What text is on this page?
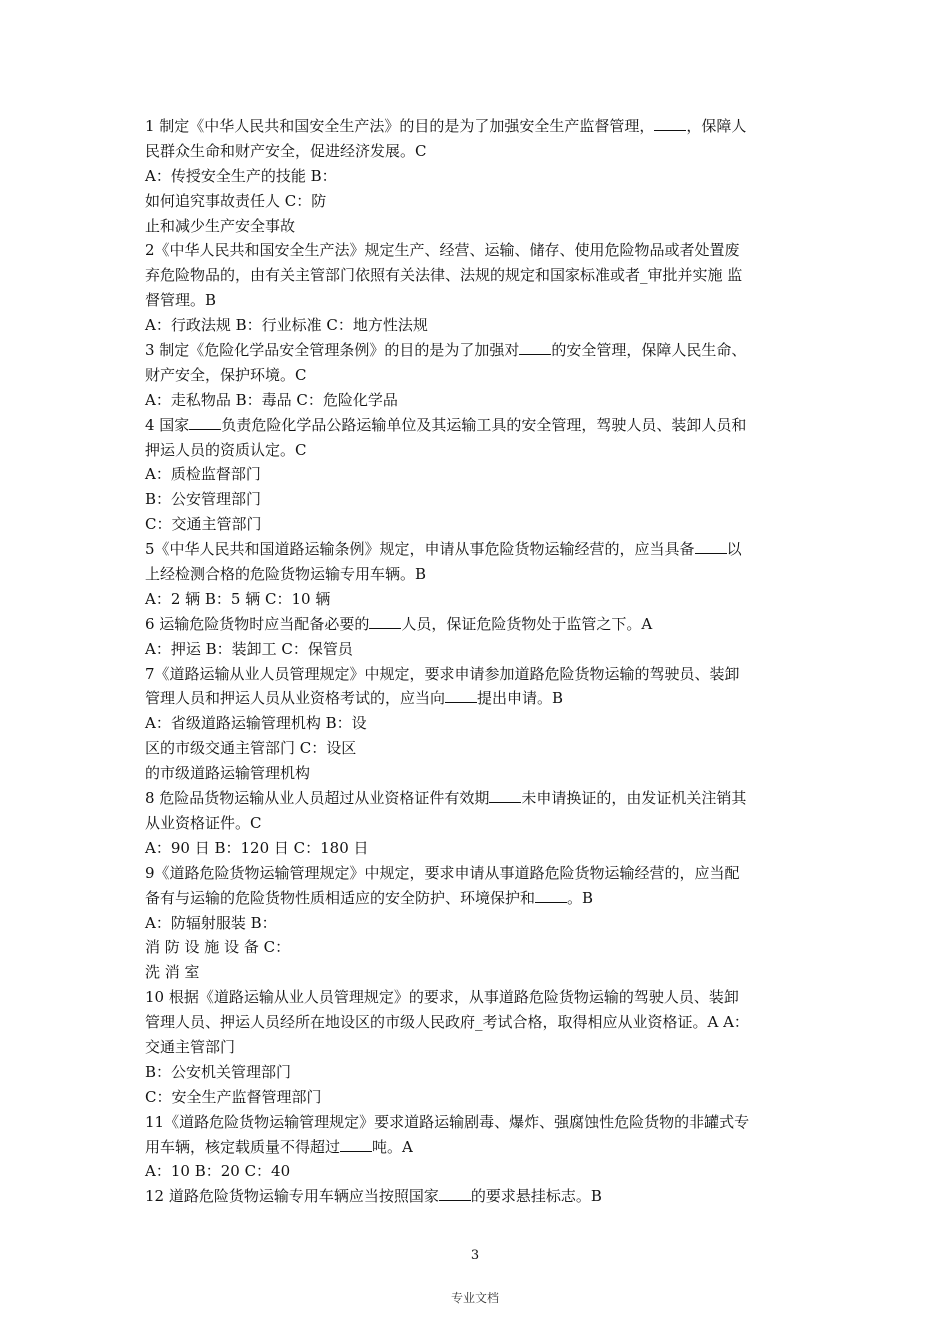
1 制定《中华人民共和国安全生产法》的目的是为了加强安全生产监督管理， ，保障人

民群众生命和财产安全，促进经济发展。C

A：传授安全生产的技能 B：

如何追究事故责任人 C：防

止和减少生产安全事故

2《中华人民共和国安全生产法》规定生产、经营、运输、储存、使用危险物品或者处置废

弃危险物品的，由有关主管部门依照有关法律、法规的规定和国家标准或者_审批并实施 监

督管理。B

A：行政法规 B：行业标准 C：地方性法规

3 制定《危险化学品安全管理条例》的目的是为了加强对 的安全管理，保障人民生命、

财产安全，保护环境。C

A：走私物品 B：毒品 C：危险化学品

4 国家 负责危险化学品公路运输单位及其运输工具的安全管理，驾驶人员、装卸人员和

押运人员的资质认定。C

A：质检监督部门

B：公安管理部门

C：交通主管部门

5《中华人民共和国道路运输条例》规定，申请从事危险货物运输经营的，应当具备 以

上经检测合格的危险货物运输专用车辆。B

A：2 辆 B：5 辆 C：10 辆

6 运输危险货物时应当配备必要的 人员，保证危险货物处于监管之下。A

A：押运 B：装卸工 C：保管员

7《道路运输从业人员管理规定》中规定，要求申请参加道路危险货物运输的驾驶员、装卸

管理人员和押运人员从业资格考试的，应当向 提出申请。B

A：省级道路运输管理机构 B：设

区的市级交通主管部门 C：设区

的市级道路运输管理机构

8 危险品货物运输从业人员超过从业资格证件有效期 未申请换证的，由发证机关注销其

从业资格证件。C

A：90 日 B：120 日 C：180 日

9《道路危险货物运输管理规定》中规定，要求申请从事道路危险货物运输经营的，应当配

备有与运输的危险货物性质相适应的安全防护、环境保护和 。B

A：防辐射服装 B：

消 防 设 施 设 备 C：

洗 消 室

10 根据《道路运输从业人员管理规定》的要求，从事道路危险货物运输的驾驶人员、装卸

管理人员、押运人员经所在地设区的市级人民政府_考试合格，取得相应从业资格证。A A：

交通主管部门

B：公安机关管理部门

C：安全生产监督管理部门

11《道路危险货物运输管理规定》要求道路运输剧毒、爆炸、强腐蚀性危险货物的非罐式专

用车辆，核定载质量不得超过 吨。A

A：10 B：20 C：40

12 道路危险货物运输专用车辆应当按照国家 的要求悬挂标志。B

3
专业文档
